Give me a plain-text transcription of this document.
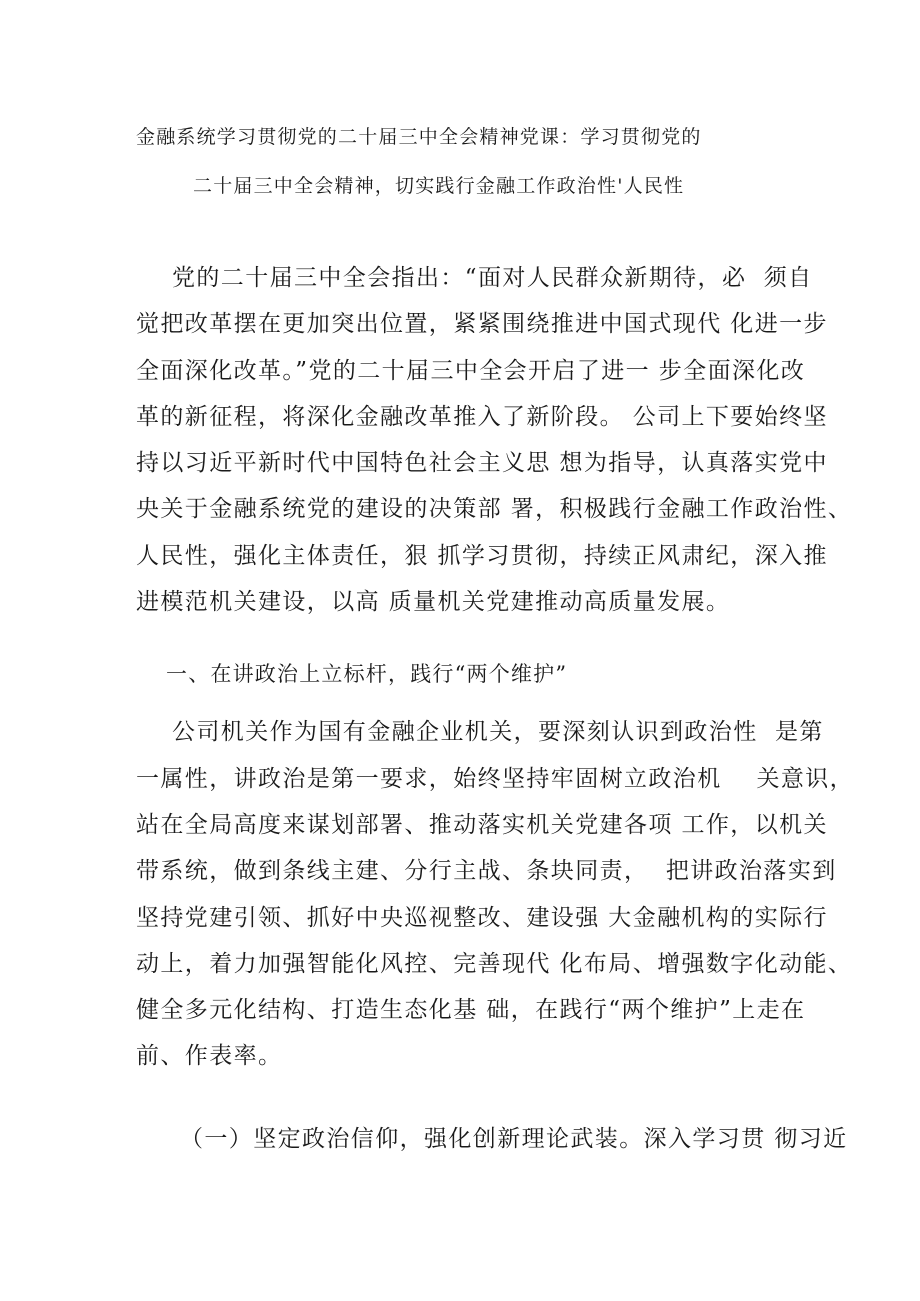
金融系统学习贯彻党的二十届三中全会精神党课：学习贯彻党的
二十届三中全会精神，切实践行金融工作政治性'人民性
党的二十届三中全会指出：“面对人民群众新期待，必  须自
觉把改革摆在更加突出位置，紧紧围绕推进中国式现代 化进一步
全面深化改革。”党的二十届三中全会开启了进一 步全面深化改
革的新征程，将深化金融改革推入了新阶段。 公司上下要始终坚
持以习近平新时代中国特色社会主义思 想为指导，认真落实党中
央关于金融系统党的建设的决策部 署，积极践行金融工作政治性、
人民性，强化主体责任，狠 抓学习贯彻，持续正风肃纪，深入推
进模范机关建设，以高 质量机关党建推动高质量发展。
一、在讲政治上立标杆，践行“两个维护”
公司机关作为国有金融企业机关，要深刻认识到政治性  是第
一属性，讲政治是第一要求，始终坚持牢固树立政治机    关意识，
站在全局高度来谋划部署、推动落实机关党建各项 工作，以机关
带系统，做到条线主建、分行主战、条块同责，  把讲政治落实到
坚持党建引领、抓好中央巡视整改、建设强 大金融机构的实际行
动上，着力加强智能化风控、完善现代 化布局、增强数字化动能、
健全多元化结构、打造生态化基 础，在践行“两个维护”上走在
前、作表率。
（一）坚定政治信仰，强化创新理论武装。深入学习贯 彻习近
